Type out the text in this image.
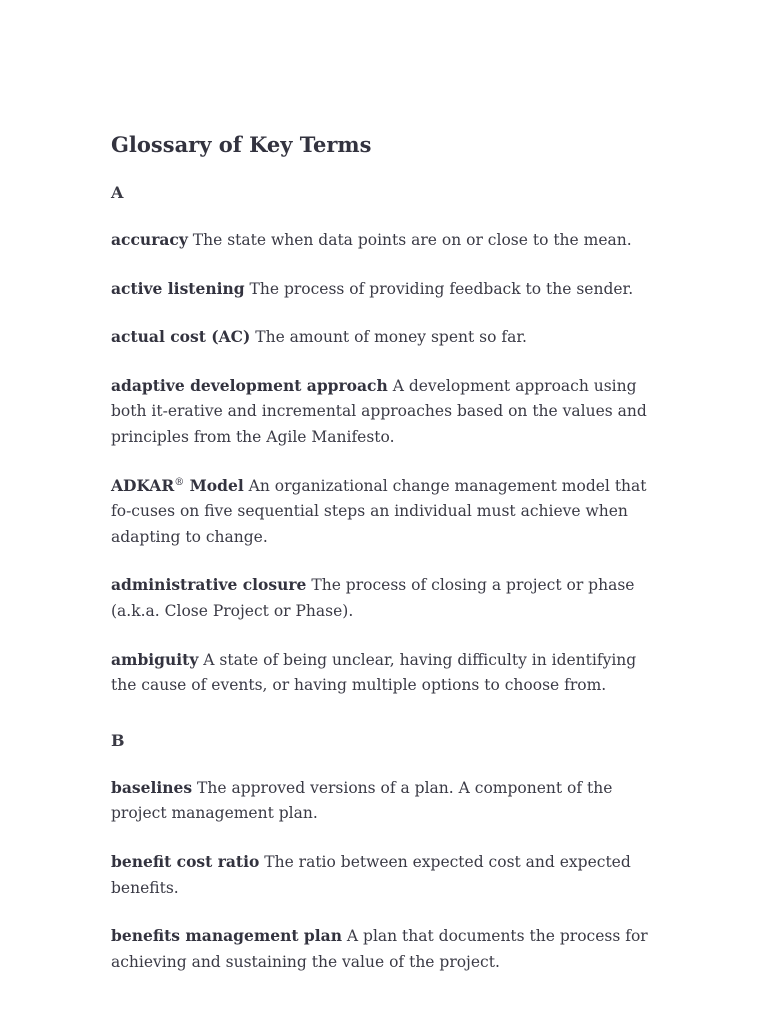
Glossary of Key Terms
A

accuracy The state when data points are on or close to the mean.

active listening The process of providing feedback to the sender.

actual cost (AC) The amount of money spent so far.

adaptive development approach A development approach using both it-erative and incremental approaches based on the values and principles from the Agile Manifesto.

ADKAR® Model An organizational change management model that fo-cuses on five sequential steps an individual must achieve when adapting to change.

administrative closure The process of closing a project or phase (a.k.a. Close Project or Phase).

ambiguity A state of being unclear, having difficulty in identifying the cause of events, or having multiple options to choose from.

B

baselines The approved versions of a plan. A component of the project management plan.

benefit cost ratio The ratio between expected cost and expected benefits.

benefits management plan A plan that documents the process for achieving and sustaining the value of the project.
